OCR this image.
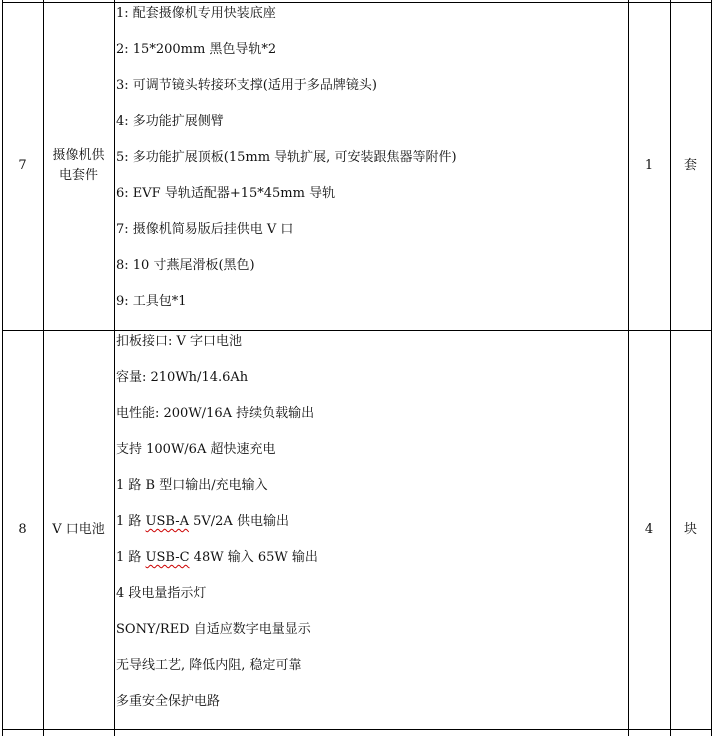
7
摄像机供
电套件
1: 配套摄像机专用快装底座
2: 15*200mm 黑色导轨*2
3: 可调节镜头转接环支撑(适用于多品牌镜头)
4: 多功能扩展侧臂
5: 多功能扩展顶板(15mm 导轨扩展, 可安装跟焦器等附件)
6: EVF 导轨适配器+15*45mm 导轨
7: 摄像机简易版后挂供电 V 口
8: 10 寸燕尾滑板(黑色)
9: 工具包*1
1 套
8 V 口电池
扣板接口: V 字口电池
容量: 210Wh/14.6Ah
电性能: 200W/16A 持续负载输出
支持 100W/6A 超快速充电
1 路 B 型口输出/充电输入
1 路 USB-A 5V/2A 供电输出
1 路 USB-C 48W 输入 65W 输出
4 段电量指示灯
SONY/RED 自适应数字电量显示
无导线工艺, 降低内阻, 稳定可靠
多重安全保护电路
4 块
